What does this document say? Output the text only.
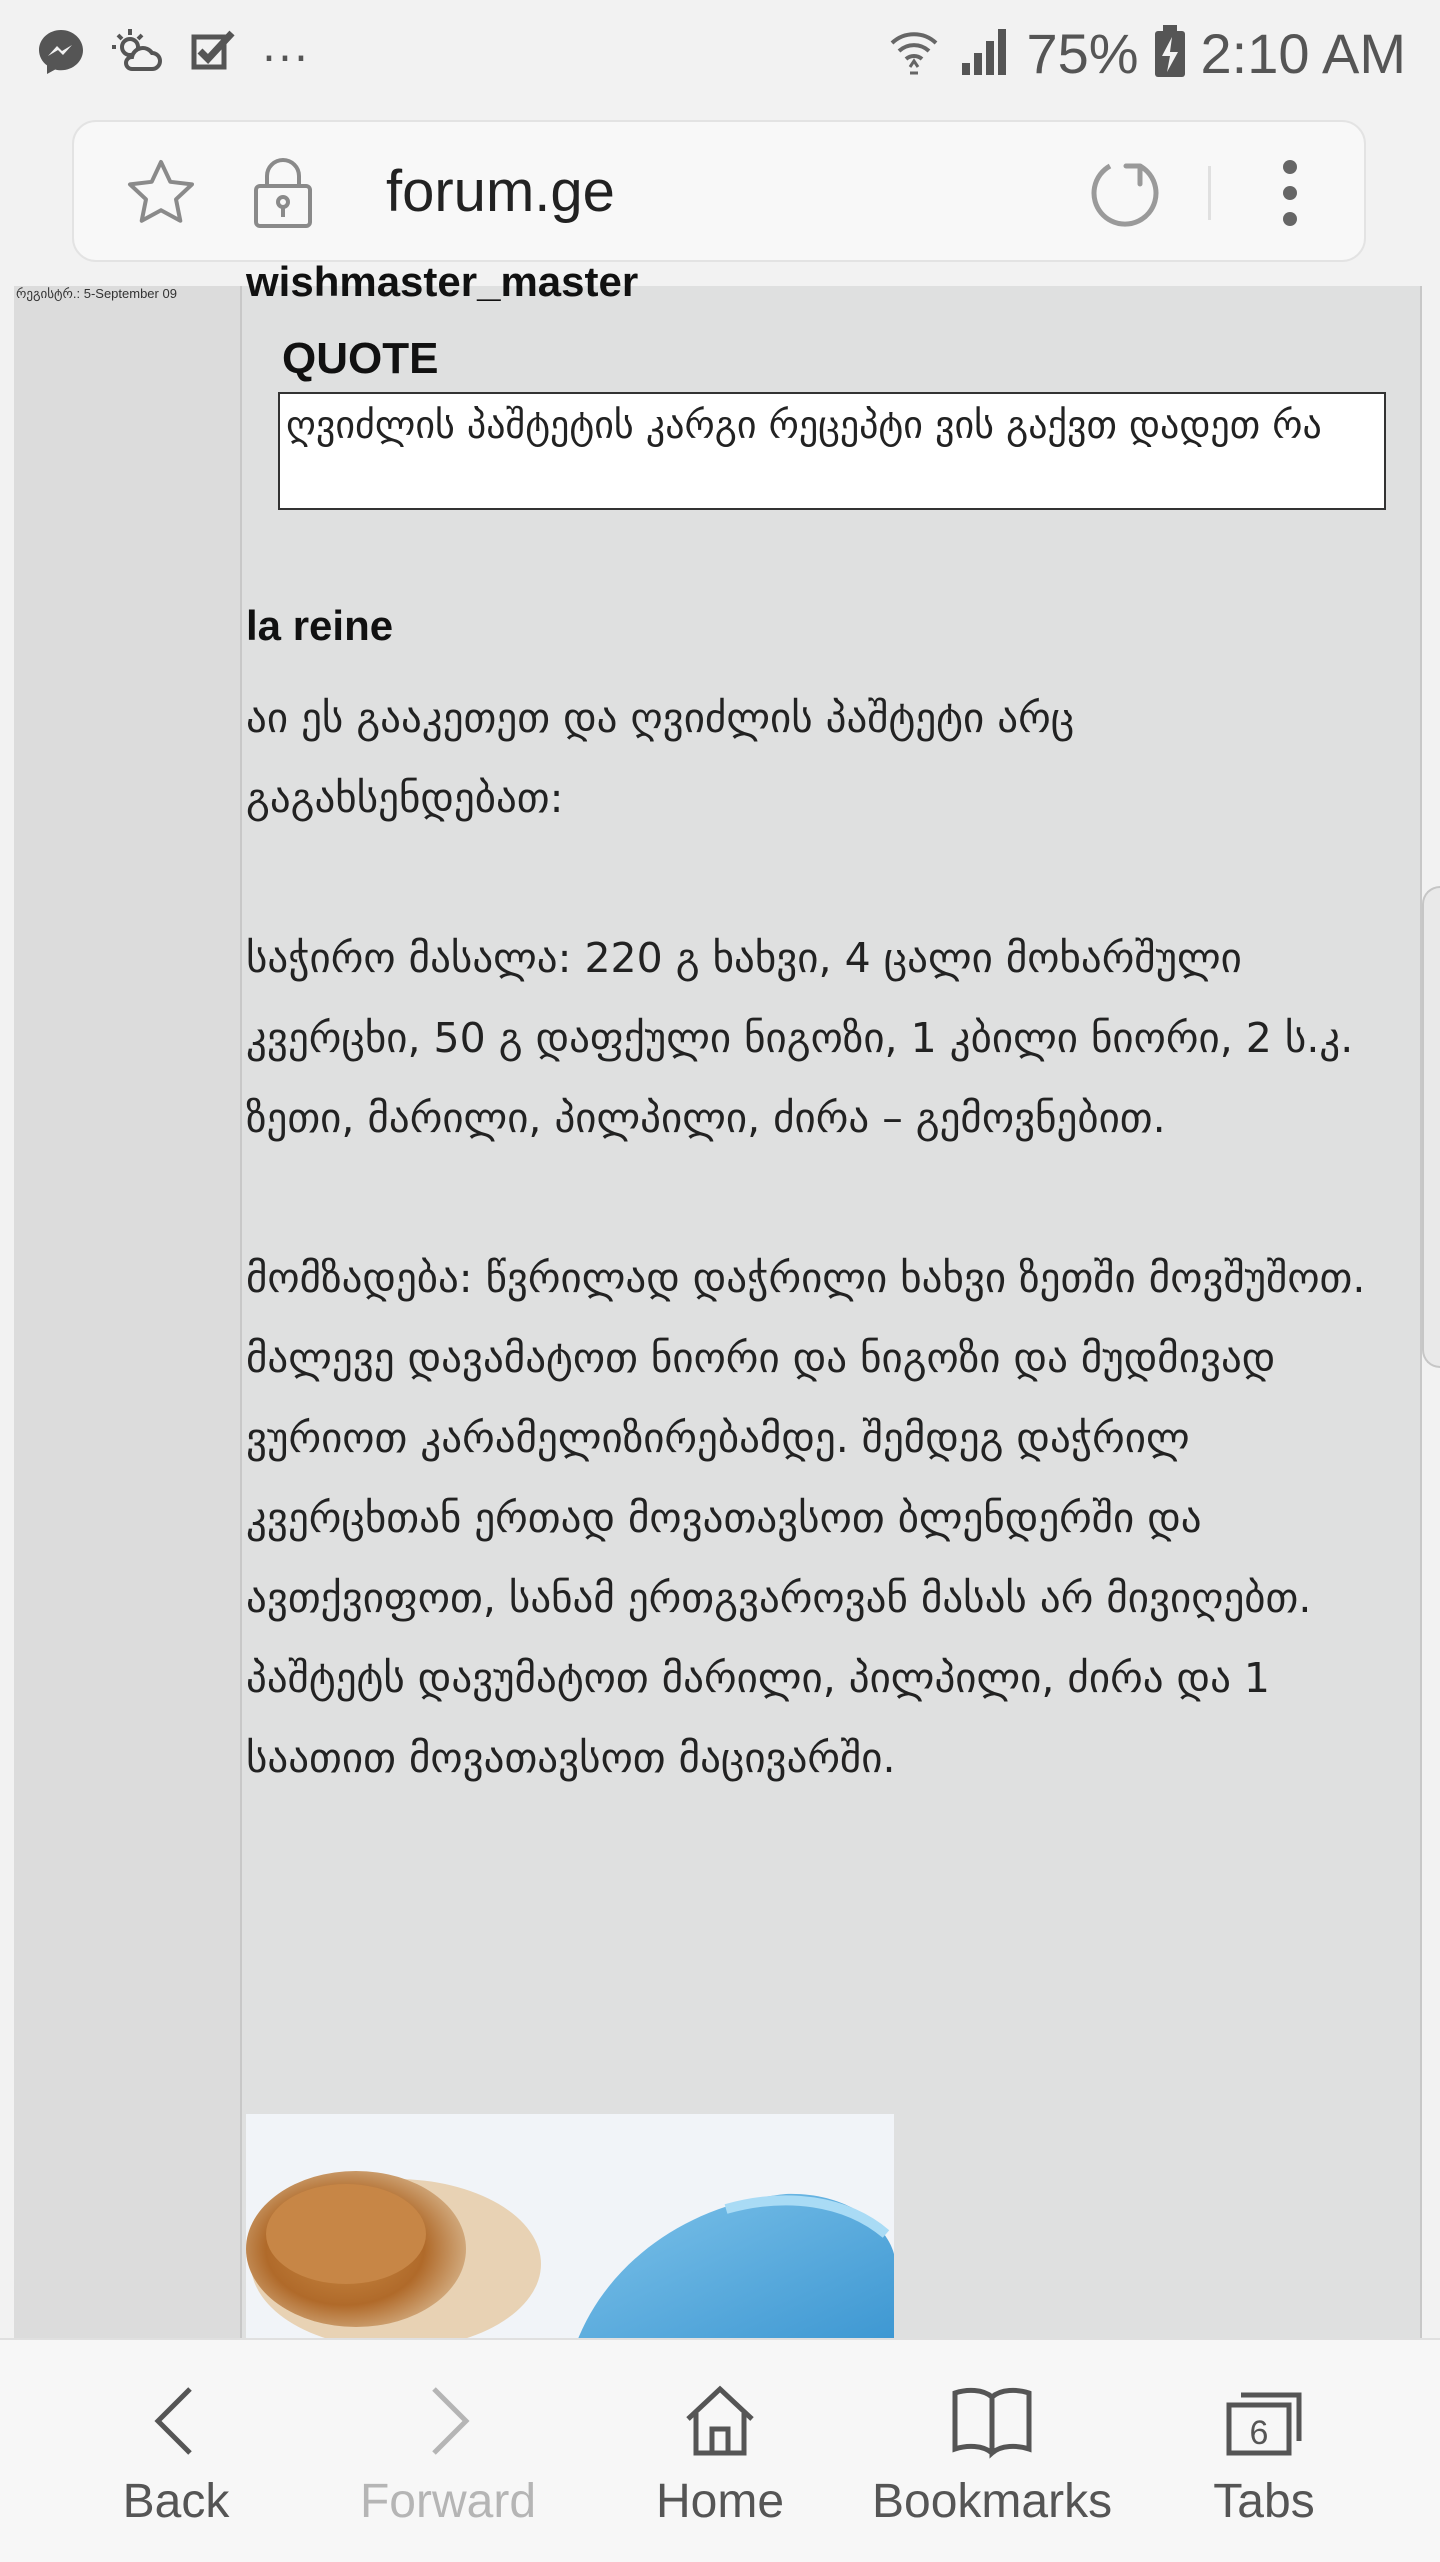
...	75% 2:10 AM
forum.ge
რეგისტრ.: 5-September 09 wishmaster_master
QUOTE
ღვიძლის პაშტეტის კარგი რეცეპტი ვის გაქვთ დადეთ რა
la reine

აი ეს გააკეთეთ და ღვიძლის პაშტეტი არც გაგახსენდებათ:

საჭირო მასალა: 220 გ ხახვი, 4 ცალი მოხარშული კვერცხი, 50 გ დაფქული ნიგოზი, 1 კბილი ნიორი, 2 ს.კ. ზეთი, მარილი, პილპილი, ძირა – გემოვნებით.

მომზადება: წვრილად დაჭრილი ხახვი ზეთში მოვშუშოთ. მალევე დავამატოთ ნიორი და ნიგოზი და მუდმივად ვურიოთ კარამელიზირებამდე. შემდეგ დაჭრილ კვერცხთან ერთად მოვათავსოთ ბლენდერში და ავთქვიფოთ, სანამ ერთგვაროვან მასას არ მივიღებთ. პაშტეტს დავუმატოთ მარილი, პილპილი, ძირა და 1 საათით მოვათავსოთ მაცივარში.

Back	Forward	Home	Bookmarks
6
Tabs
